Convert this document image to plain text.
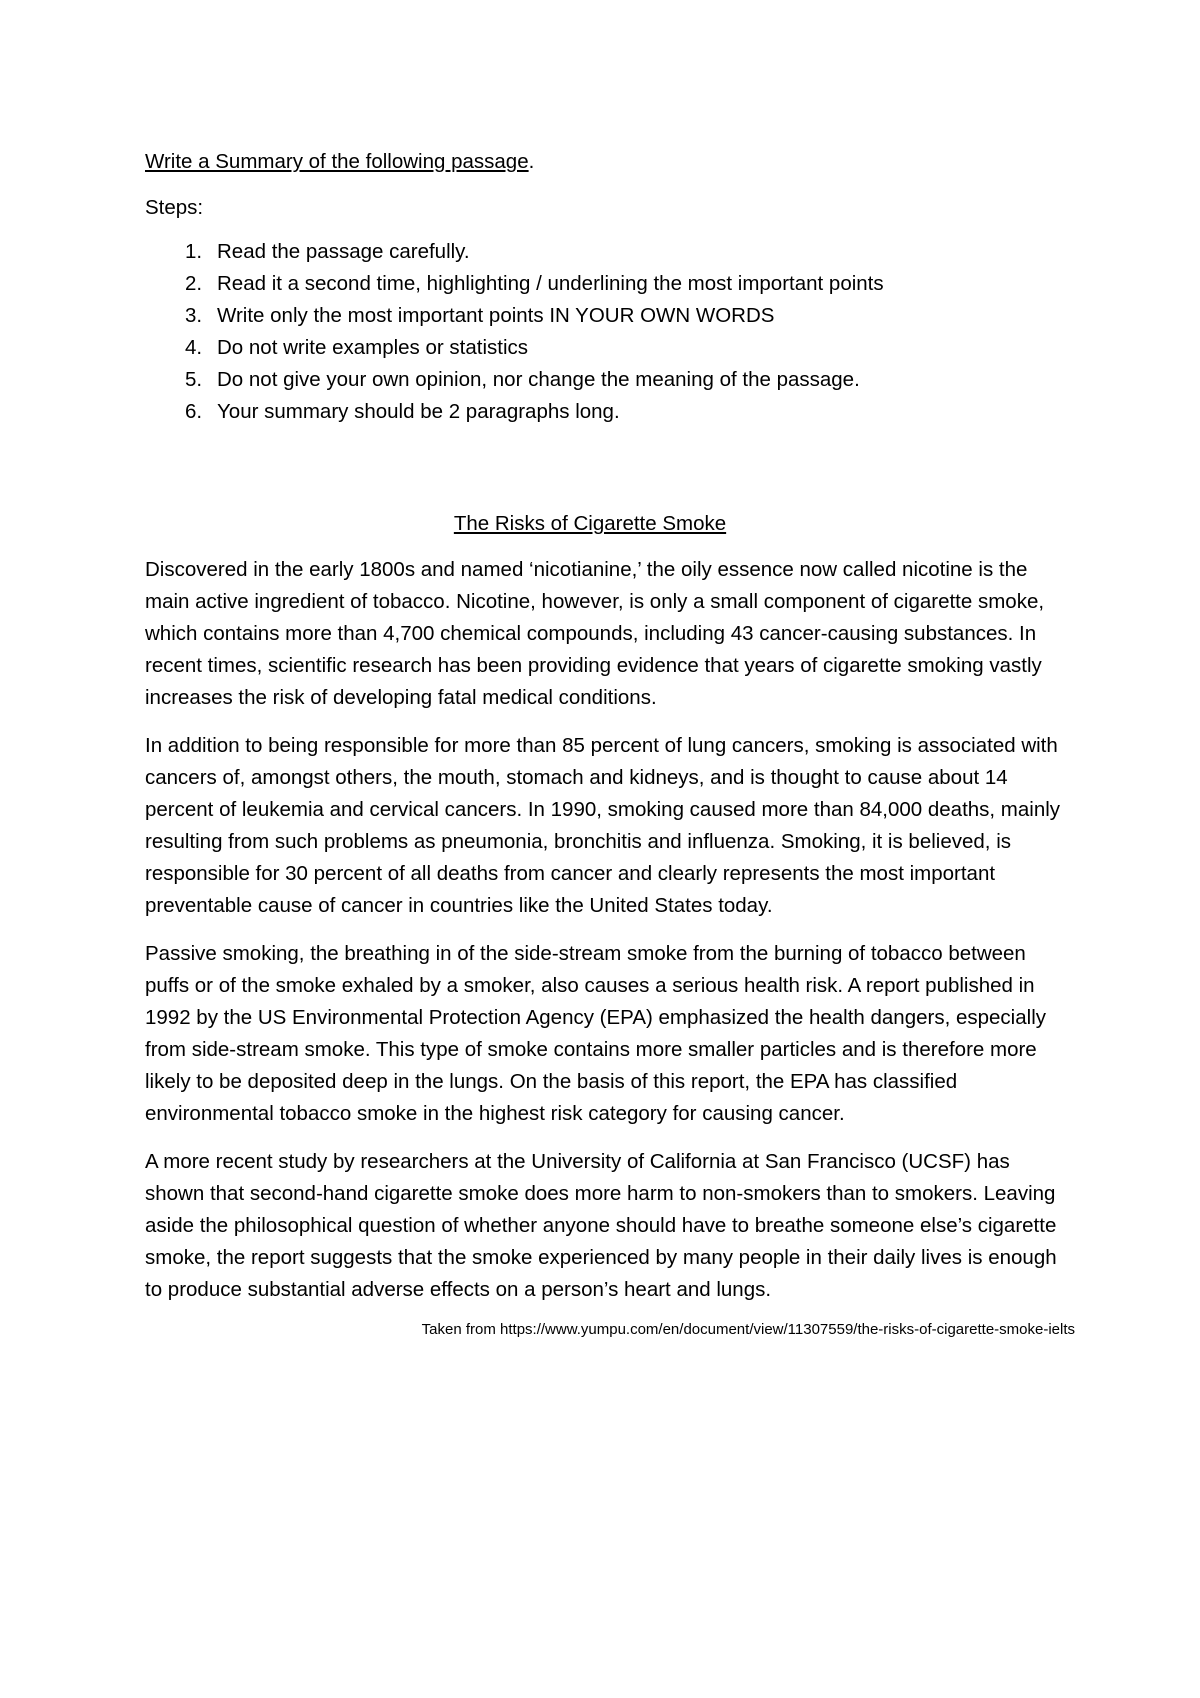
Write a Summary of the following passage.

Steps:

1. Read the passage carefully.
2. Read it a second time, highlighting / underlining the most important points
3. Write only the most important points IN YOUR OWN WORDS
4. Do not write examples or statistics
5. Do not give your own opinion, nor change the meaning of the passage.
6. Your summary should be 2 paragraphs long.

The Risks of Cigarette Smoke

Discovered in the early 1800s and named ‘nicotianine,’ the oily essence now called nicotine is the main active ingredient of tobacco. Nicotine, however, is only a small component of cigarette smoke, which contains more than 4,700 chemical compounds, including 43 cancer-causing substances. In recent times, scientific research has been providing evidence that years of cigarette smoking vastly increases the risk of developing fatal medical conditions.

In addition to being responsible for more than 85 percent of lung cancers, smoking is associated with cancers of, amongst others, the mouth, stomach and kidneys, and is thought to cause about 14 percent of leukemia and cervical cancers. In 1990, smoking caused more than 84,000 deaths, mainly resulting from such problems as pneumonia, bronchitis and influenza. Smoking, it is believed, is responsible for 30 percent of all deaths from cancer and clearly represents the most important preventable cause of cancer in countries like the United States today.

Passive smoking, the breathing in of the side-stream smoke from the burning of tobacco between puffs or of the smoke exhaled by a smoker, also causes a serious health risk. A report published in 1992 by the US Environmental Protection Agency (EPA) emphasized the health dangers, especially from side-stream smoke. This type of smoke contains more smaller particles and is therefore more likely to be deposited deep in the lungs. On the basis of this report, the EPA has classified environmental tobacco smoke in the highest risk category for causing cancer.

A more recent study by researchers at the University of California at San Francisco (UCSF) has shown that second-hand cigarette smoke does more harm to non-smokers than to smokers. Leaving aside the philosophical question of whether anyone should have to breathe someone else’s cigarette smoke, the report suggests that the smoke experienced by many people in their daily lives is enough to produce substantial adverse effects on a person’s heart and lungs.

Taken from https://www.yumpu.com/en/document/view/11307559/the-risks-of-cigarette-smoke-ielts
